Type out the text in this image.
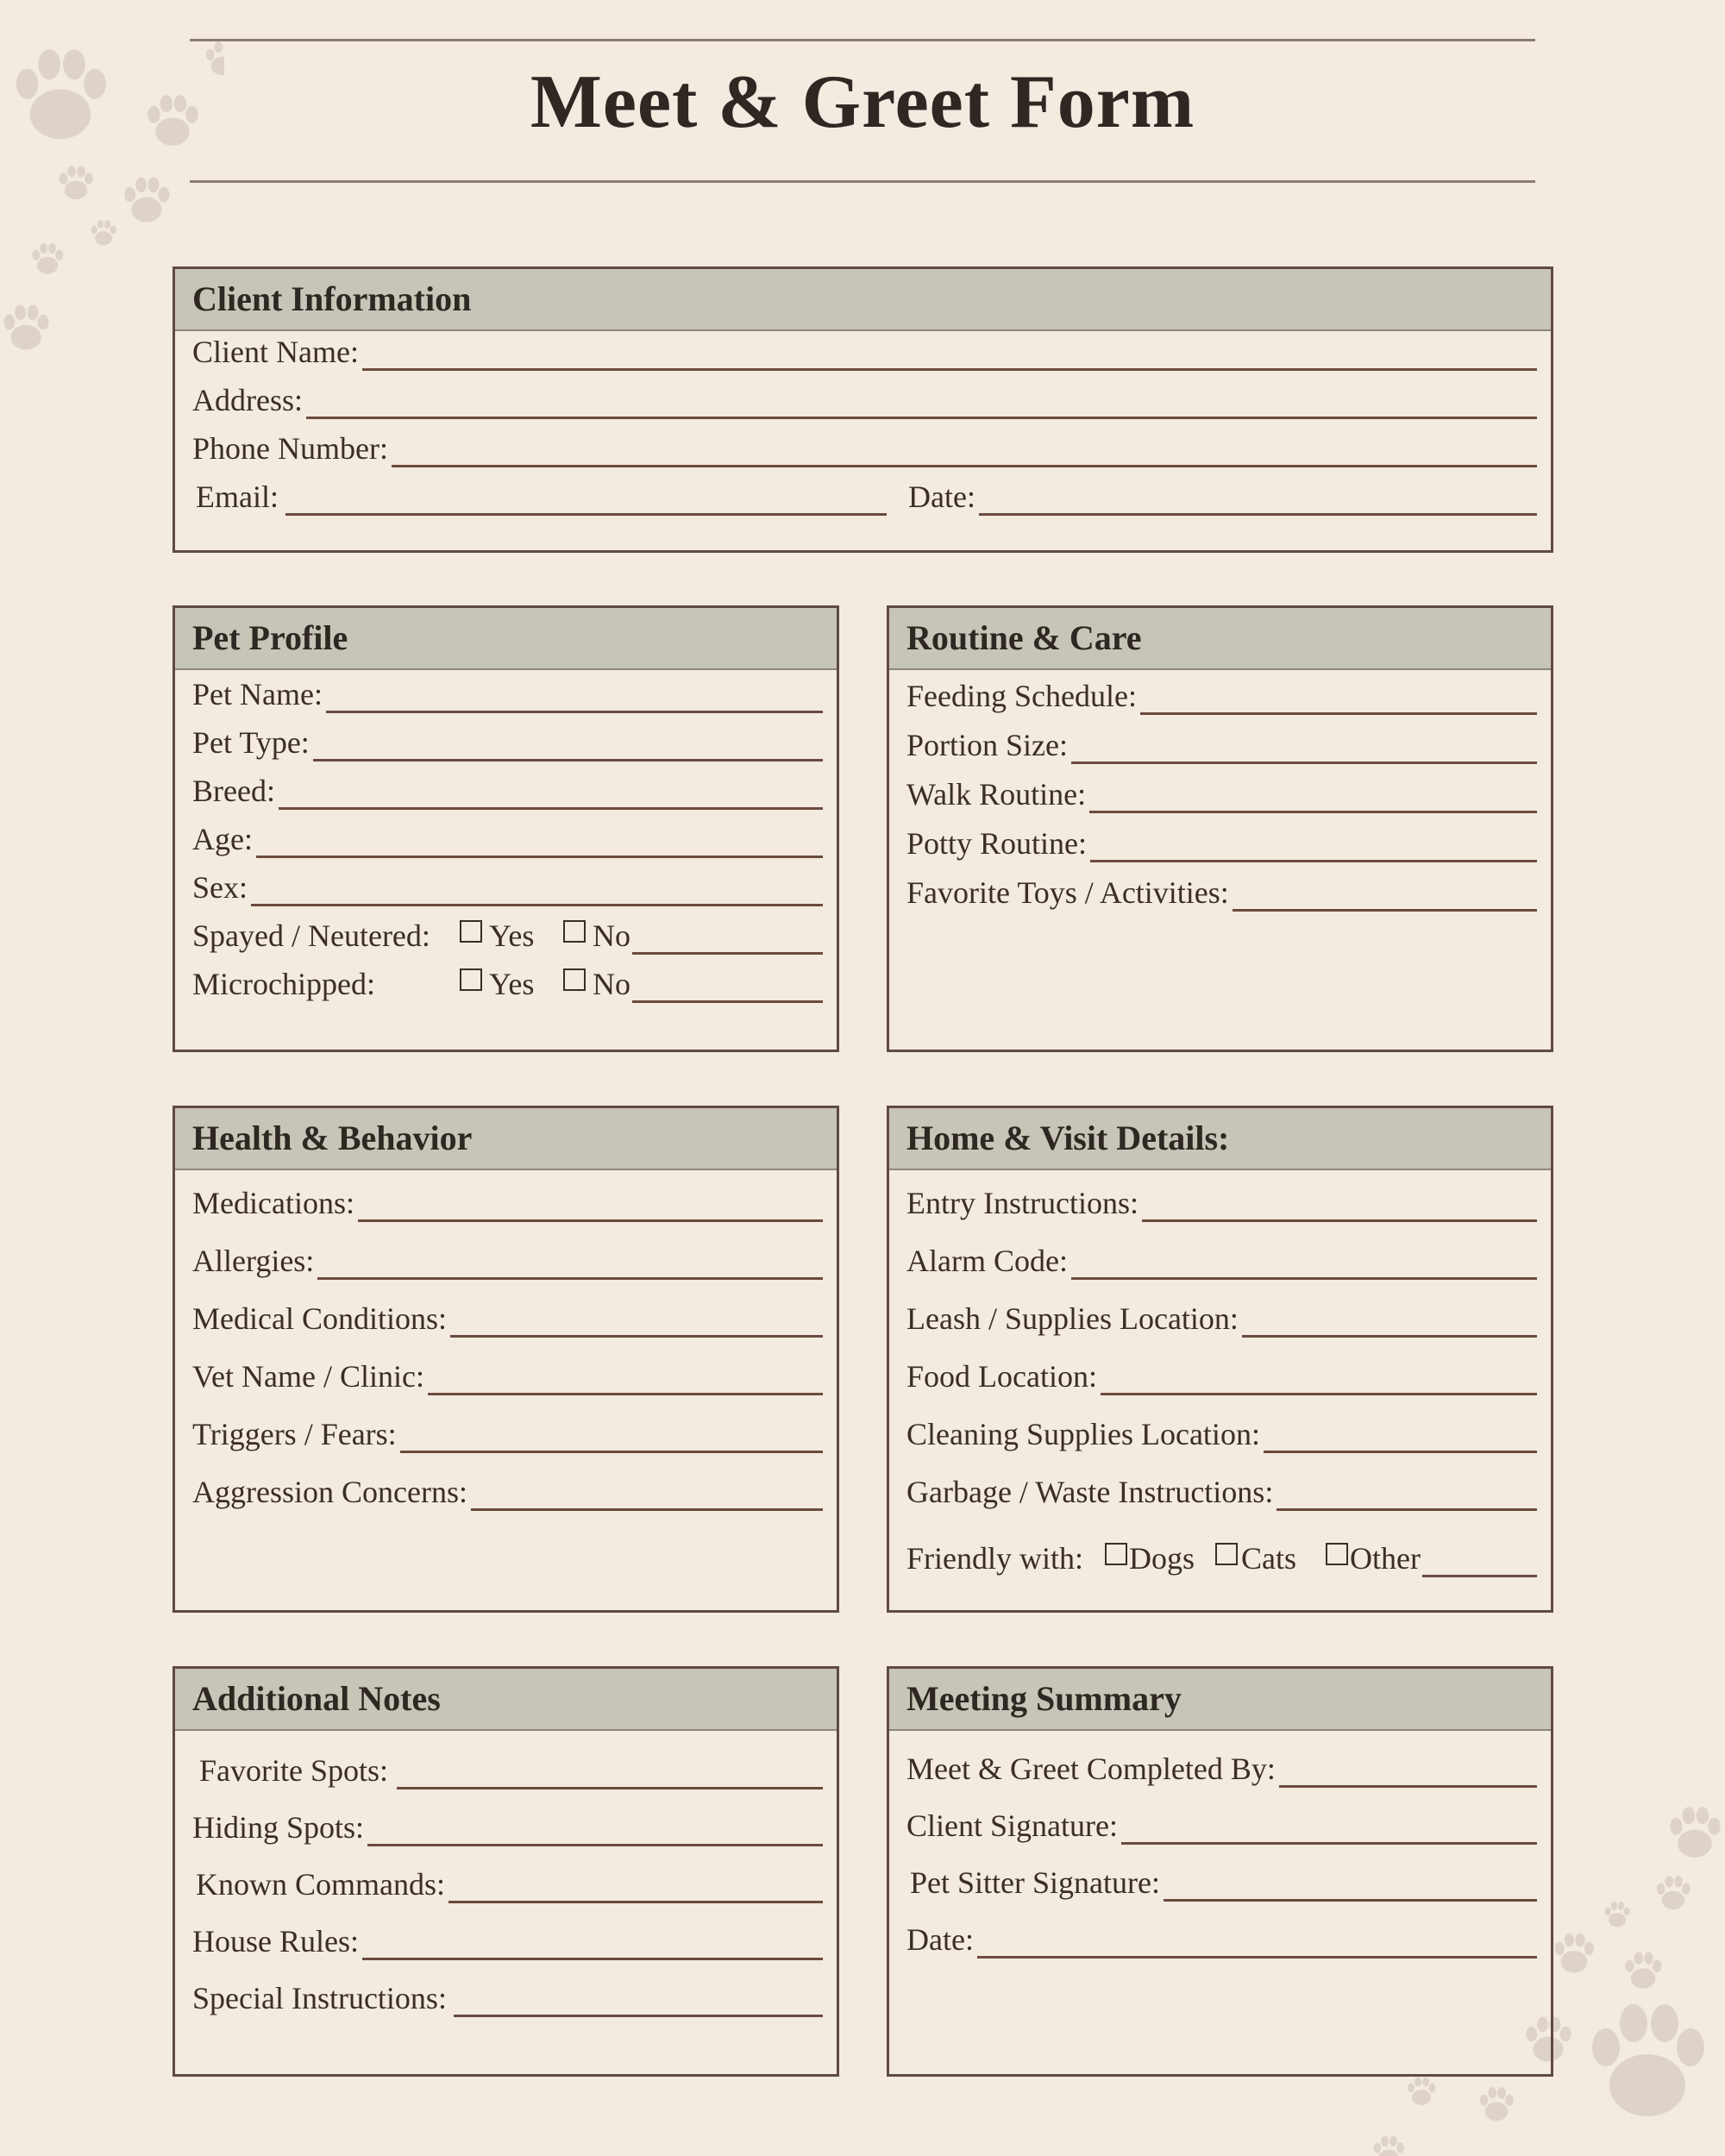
Meet & Greet Form
Client Information
Client Name:
Address:
Phone Number:
Email:	Date:
Pet Profile
Pet Name:
Pet Type:
Breed:
Age:
Sex:
Spayed / Neutered:	Yes No
Microchipped:	Yes No
Routine & Care
Feeding Schedule:
Portion Size:
Walk Routine:
Potty Routine:
Favorite Toys / Activities:
Health & Behavior
Medications:
Allergies:
Medical Conditions:
Vet Name / Clinic:
Triggers / Fears:
Aggression Concerns:
Home & Visit Details:
Entry Instructions:
Alarm Code:
Leash / Supplies Location:
Food Location:
Cleaning Supplies Location:
Garbage / Waste Instructions:
Friendly with:	Dogs Cats Other
Additional Notes
Favorite Spots:
Hiding Spots:
Known Commands:
House Rules:
Special Instructions:
Meeting Summary
Meet & Greet Completed By:
Client Signature:
Pet Sitter Signature:
Date:
